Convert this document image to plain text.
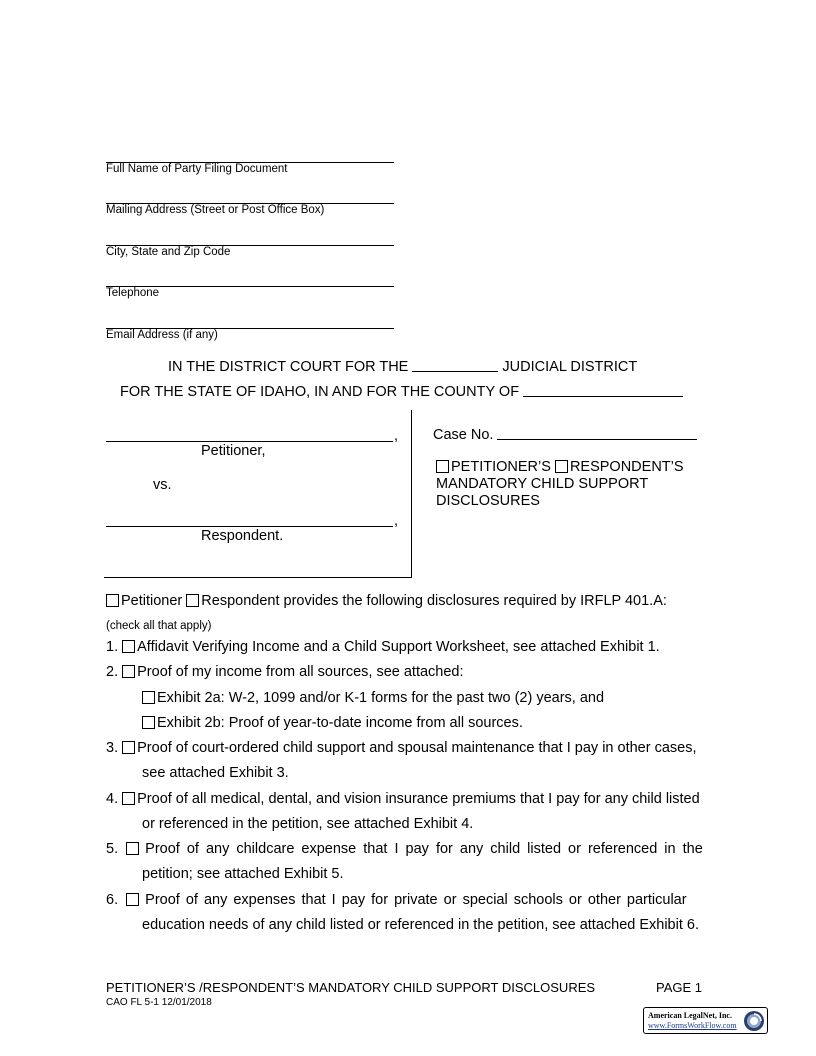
Full Name of Party Filing Document
Mailing Address (Street or Post Office Box)
City, State and Zip Code
Telephone
Email Address (if any)
IN THE DISTRICT COURT FOR THE	JUDICIAL DISTRICT
FOR THE STATE OF IDAHO, IN AND FOR THE COUNTY OF
,
Petitioner,
vs.
,
Respondent.
Case No.
PETITIONER’S RESPONDENT’S
MANDATORY CHILD SUPPORT
DISCLOSURES
Petitioner Respondent provides the following disclosures required by IRFLP 401.A:
(check all that apply)
1. Affidavit Verifying Income and a Child Support Worksheet, see attached Exhibit 1.
2. Proof of my income from all sources, see attached:
Exhibit 2a: W-2, 1099 and/or K-1 forms for the past two (2) years, and
Exhibit 2b: Proof of year-to-date income from all sources.
3. Proof of court-ordered child support and spousal maintenance that I pay in other cases,
see attached Exhibit 3.
4. Proof of all medical, dental, and vision insurance premiums that I pay for any child listed
or referenced in the petition, see attached Exhibit 4.
5. Proof of any childcare expense that I pay for any child listed or referenced in the
petition; see attached Exhibit 5.
6. Proof of any expenses that I pay for private or special schools or other particular
education needs of any child listed or referenced in the petition, see attached Exhibit 6.
PETITIONER’S /RESPONDENT’S MANDATORY CHILD SUPPORT DISCLOSURES	PAGE 1
CAO FL 5-1 12/01/2018
American LegalNet, Inc.
www.FormsWorkFlow.com
